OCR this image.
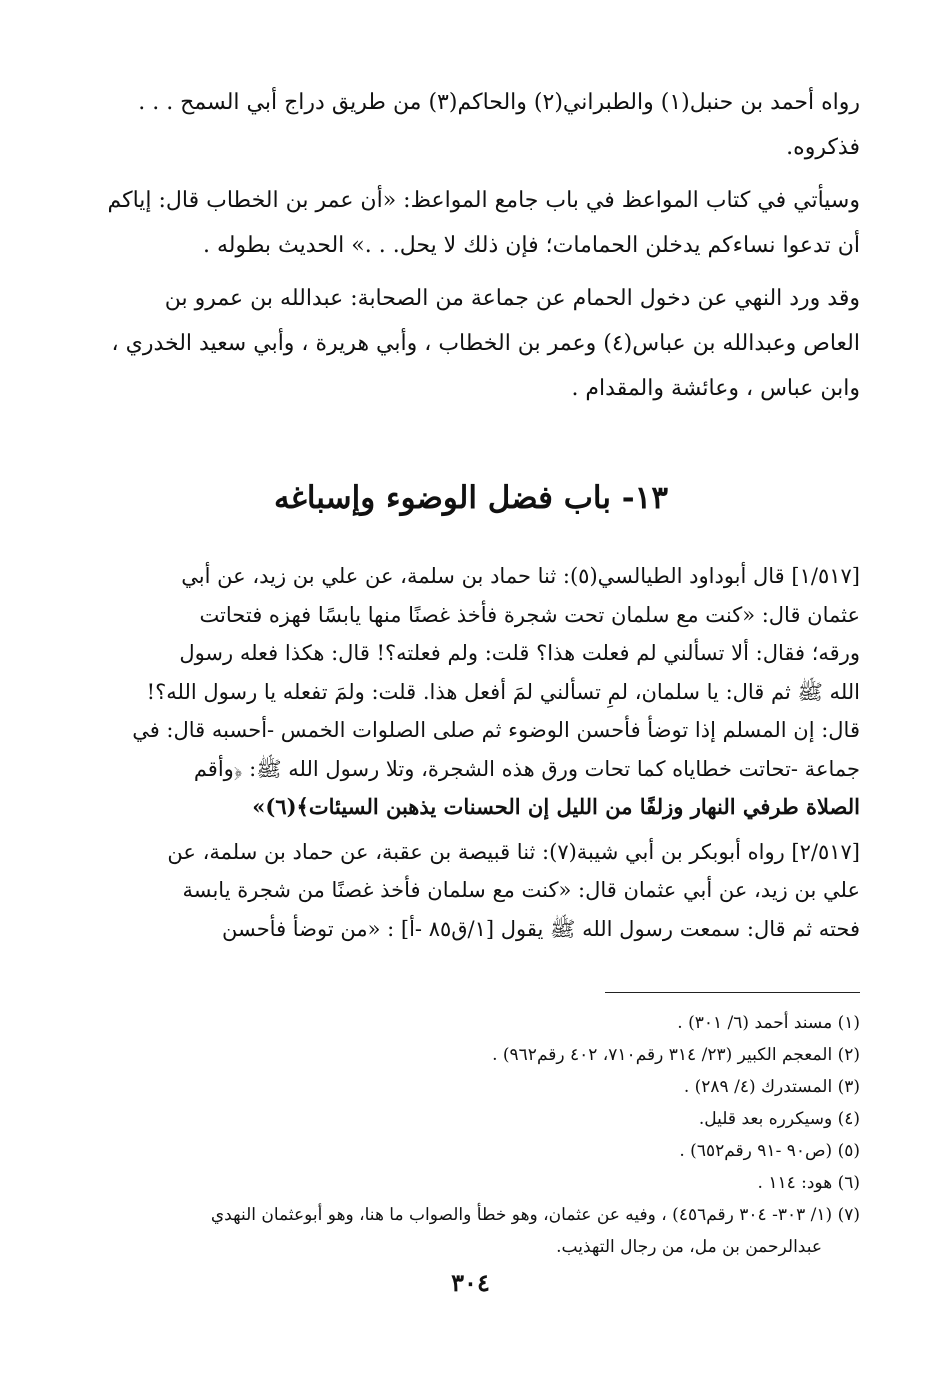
رواه أحمد بن حنبل(١) والطبراني(٢) والحاكم(٣) من طريق دراج أبي السمح . . .
فذكروه.
وسيأتي في كتاب المواعظ في باب جامع المواعظ: «أن عمر بن الخطاب قال: إياكم
أن تدعوا نساءكم يدخلن الحمامات؛ فإن ذلك لا يحل. . .» الحديث بطوله .
وقد ورد النهي عن دخول الحمام عن جماعة من الصحابة: عبدالله بن عمرو بن
العاص وعبدالله بن عباس(٤) وعمر بن الخطاب ، وأبي هريرة ، وأبي سعيد الخدري ،
وابن عباس ، وعائشة والمقدام .
١٣- باب فضل الوضوء وإسباغه
[١/٥١٧] قال أبوداود الطيالسي(٥): ثنا حماد بن سلمة، عن علي بن زيد، عن أبي
عثمان قال: «كنت مع سلمان تحت شجرة فأخذ غصنًا منها يابسًا فهزه فتحاتت
ورقه؛ فقال: ألا تسألني لم فعلت هذا؟ قلت: ولم فعلته؟! قال: هكذا فعله رسول
الله ﷺ ثم قال: يا سلمان، لمِ تسألني لمَ أفعل هذا. قلت: ولمَ تفعله يا رسول الله؟!
قال: إن المسلم إذا توضأ فأحسن الوضوء ثم صلى الصلوات الخمس -أحسبه قال: في
جماعة -تحاتت خطاياه كما تحات ورق هذه الشجرة، وتلا رسول الله ﷺ: ﴿وأقم
الصلاة طرفي النهار وزلفًا من الليل إن الحسنات يذهبن السيئات﴾(٦)»
[٢/٥١٧] رواه أبوبكر بن أبي شيبة(٧): ثنا قبيصة بن عقبة، عن حماد بن سلمة، عن
علي بن زيد، عن أبي عثمان قال: «كنت مع سلمان فأخذ غصنًا من شجرة يابسة
فحته ثم قال: سمعت رسول الله ﷺ يقول [١/ق٨٥ -أ] : «من توضأ فأحسن
(١) مسند أحمد (٦/ ٣٠١) .
(٢) المعجم الكبير (٢٣/ ٣١٤ رقم٧١٠، ٤٠٢ رقم٩٦٢) .
(٣) المستدرك (٤/ ٢٨٩) .
(٤) وسيكرره بعد قليل.
(٥) (ص٩٠ -٩١ رقم٦٥٢) .
(٦) هود: ١١٤ .
(٧) (١/ ٣٠٣- ٣٠٤ رقم٤٥٦) ، وفيه عن عثمان، وهو خطأ والصواب ما هنا، وهو أبوعثمان النهدي
عبدالرحمن بن مل، من رجال التهذيب.
٣٠٤
